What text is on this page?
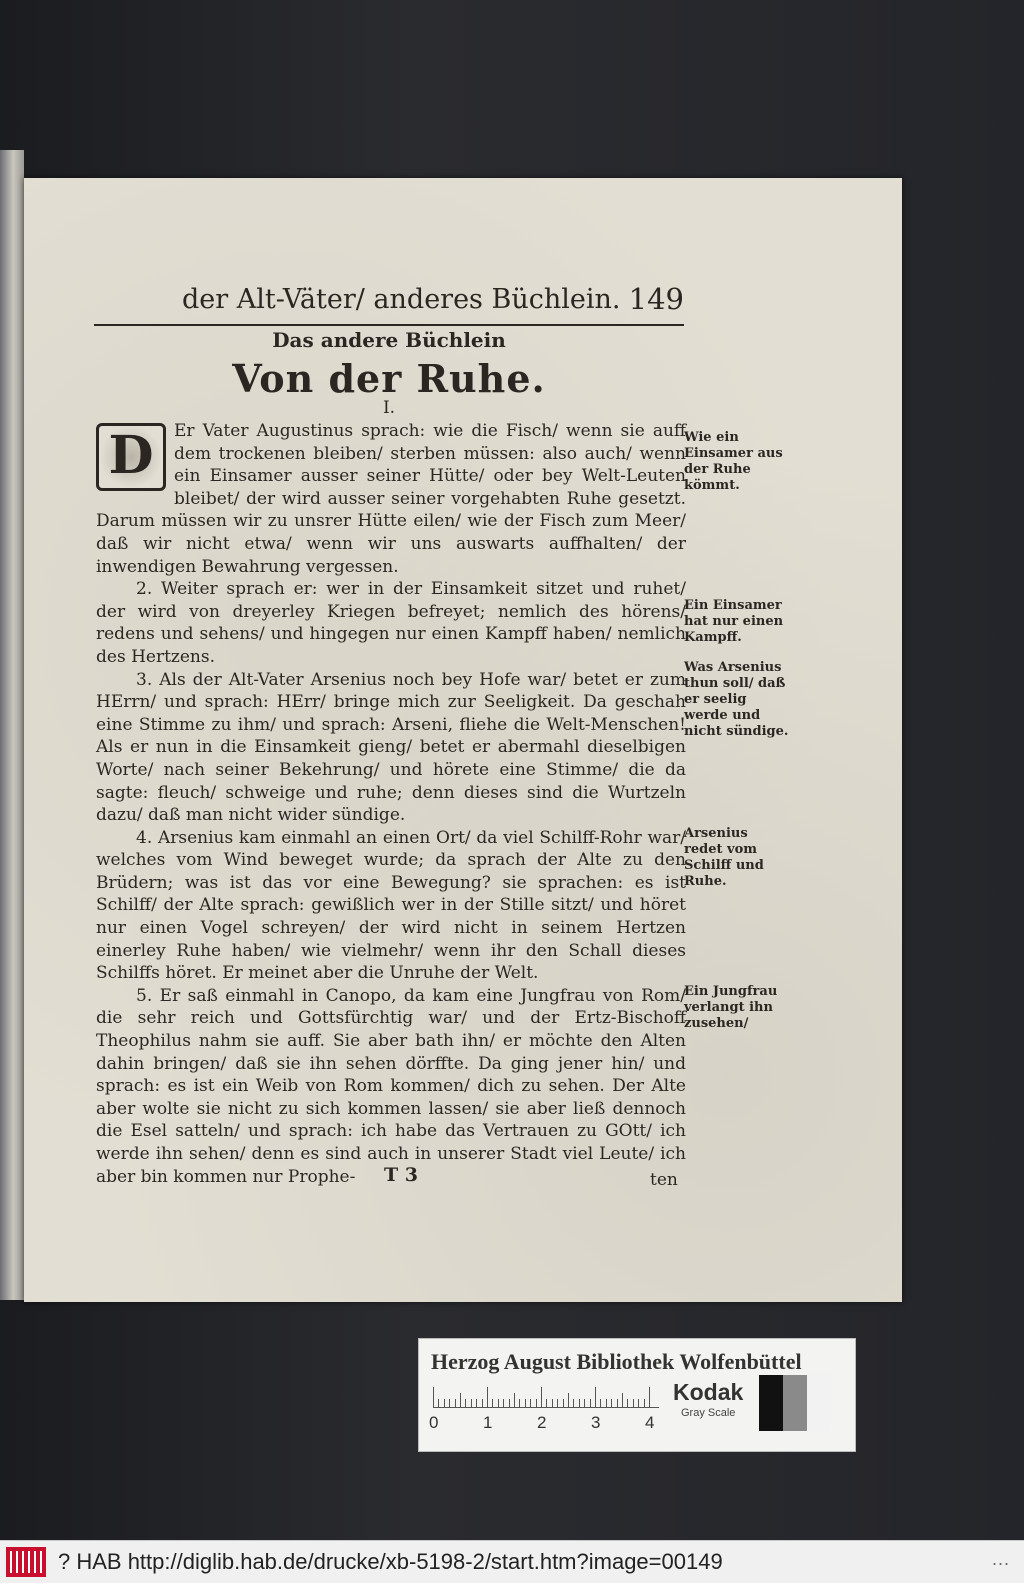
der Alt-Väter/ anderes Büchlein. 149
Das andere Büchlein
Von der Ruhe.
I.

D	Er Vater Augustinus sprach: wie die Fisch/ wenn sie auff dem trockenen bleiben/ sterben müssen: also auch/ wenn ein Einsamer ausser seiner Hütte/ oder bey Welt-Leuten bleibet/ der wird ausser seiner vorgehabten Ruhe gesetzt. Darum müssen wir zu unsrer Hütte eilen/ wie der Fisch zum Meer/ daß wir nicht etwa/ wenn wir uns auswarts auffhalten/ der inwendigen Bewahrung vergessen.

2. Weiter sprach er: wer in der Einsamkeit sitzet und ruhet/ der wird von dreyerley Kriegen befreyet; nemlich des hörens/ redens und sehens/ und hingegen nur einen Kampff haben/ nemlich des Hertzens.

3. Als der Alt-Vater Arsenius noch bey Hofe war/ betet er zum HErrn/ und sprach: HErr/ bringe mich zur Seeligkeit. Da geschah eine Stimme zu ihm/ und sprach: Arseni, fliehe die Welt-Menschen! Als er nun in die Einsamkeit gieng/ betet er abermahl dieselbigen Worte/ nach seiner Bekehrung/ und hörete eine Stimme/ die da sagte: fleuch/ schweige und ruhe; denn dieses sind die Wurtzeln dazu/ daß man nicht wider sündige.

4. Arsenius kam einmahl an einen Ort/ da viel Schilff-Rohr war/ welches vom Wind beweget wurde; da sprach der Alte zu den Brüdern; was ist das vor eine Bewegung? sie sprachen: es ist Schilff/ der Alte sprach: gewißlich wer in der Stille sitzt/ und höret nur einen Vogel schreyen/ der wird nicht in seinem Hertzen einerley Ruhe haben/ wie vielmehr/ wenn ihr den Schall dieses Schilffs höret. Er meinet aber die Unruhe der Welt.

5. Er saß einmahl in Canopo, da kam eine Jungfrau von Rom/ die sehr reich und Gottsfürchtig war/ und der Ertz-Bischoff Theophilus nahm sie auff. Sie aber bath ihn/ er möchte den Alten dahin bringen/ daß sie ihn sehen dörffte. Da ging jener hin/ und sprach: es ist ein Weib von Rom kommen/ dich zu sehen. Der Alte aber wolte sie nicht zu sich kommen lassen/ sie aber ließ dennoch die Esel satteln/ und sprach: ich habe das Vertrauen zu GOtt/ ich werde ihn sehen/ denn es sind auch in unserer Stadt viel Leute/ ich aber bin kommen nur Prophe-

Wie ein Einsamer aus der Ruhe kömmt.
Ein Einsamer hat nur einen Kampff.
Was Arsenius thun soll/ daß er seelig werde und nicht sündige.
Arsenius redet vom Schilff und Ruhe.
Ein Jungfrau verlangt ihn zusehen/
T 3	ten
Herzog August Bibliothek Wolfenbüttel
0	1	2	3	4
Kodak
Gray Scale
? HAB http://diglib.hab.de/drucke/xb-5198-2/start.htm?image=00149	...
